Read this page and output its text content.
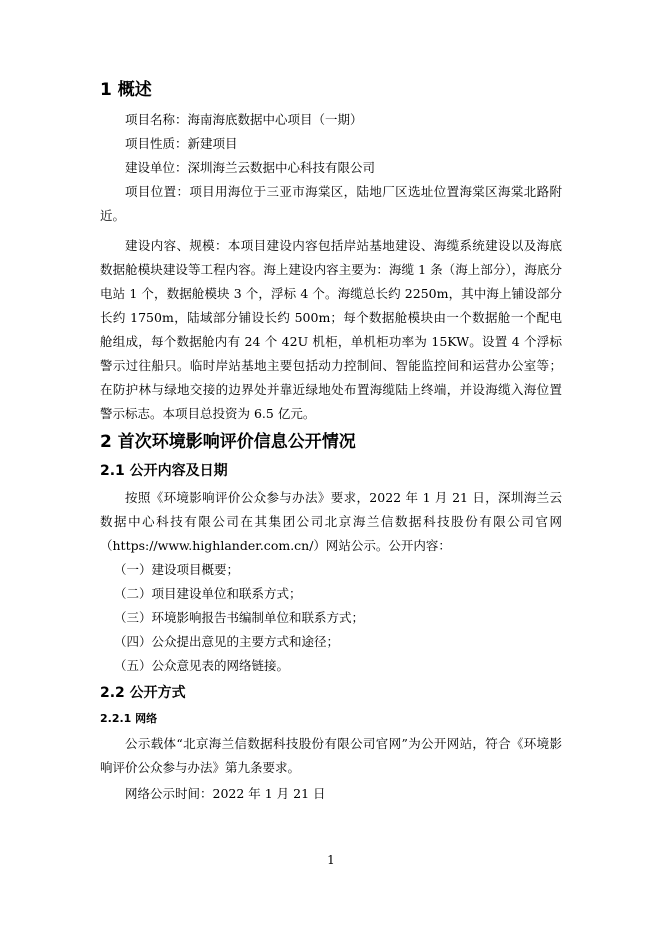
1 概述

项目名称：海南海底数据中心项目（一期）

项目性质：新建项目

建设单位：深圳海兰云数据中心科技有限公司

项目位置：项目用海位于三亚市海棠区，陆地厂区选址位置海棠区海棠北路附近。

建设内容、规模：本项目建设内容包括岸站基地建设、海缆系统建设以及海底数据舱模块建设等工程内容。海上建设内容主要为：海缆 1 条（海上部分），海底分电站 1 个，数据舱模块 3 个，浮标 4 个。海缆总长约 2250m，其中海上铺设部分长约 1750m，陆域部分铺设长约 500m；每个数据舱模块由一个数据舱一个配电舱组成，每个数据舱内有 24 个 42U 机柜，单机柜功率为 15KW。设置 4 个浮标警示过往船只。临时岸站基地主要包括动力控制间、智能监控间和运营办公室等；在防护林与绿地交接的边界处并靠近绿地处布置海缆陆上终端，并设海缆入海位置警示标志。本项目总投资为 6.5 亿元。

2 首次环境影响评价信息公开情况
2.1 公开内容及日期

按照《环境影响评价公众参与办法》要求，2022 年 1 月 21 日，深圳海兰云数据中心科技有限公司在其集团公司北京海兰信数据科技股份有限公司官网（https://www.highlander.com.cn/）网站公示。公开内容：

（一）建设项目概要；

（二）项目建设单位和联系方式；

（三）环境影响报告书编制单位和联系方式；

（四）公众提出意见的主要方式和途径；

（五）公众意见表的网络链接。

2.2 公开方式
2.2.1 网络

公示载体“北京海兰信数据科技股份有限公司官网”为公开网站，符合《环境影响评价公众参与办法》第九条要求。

网络公示时间：2022 年 1 月 21 日

1
